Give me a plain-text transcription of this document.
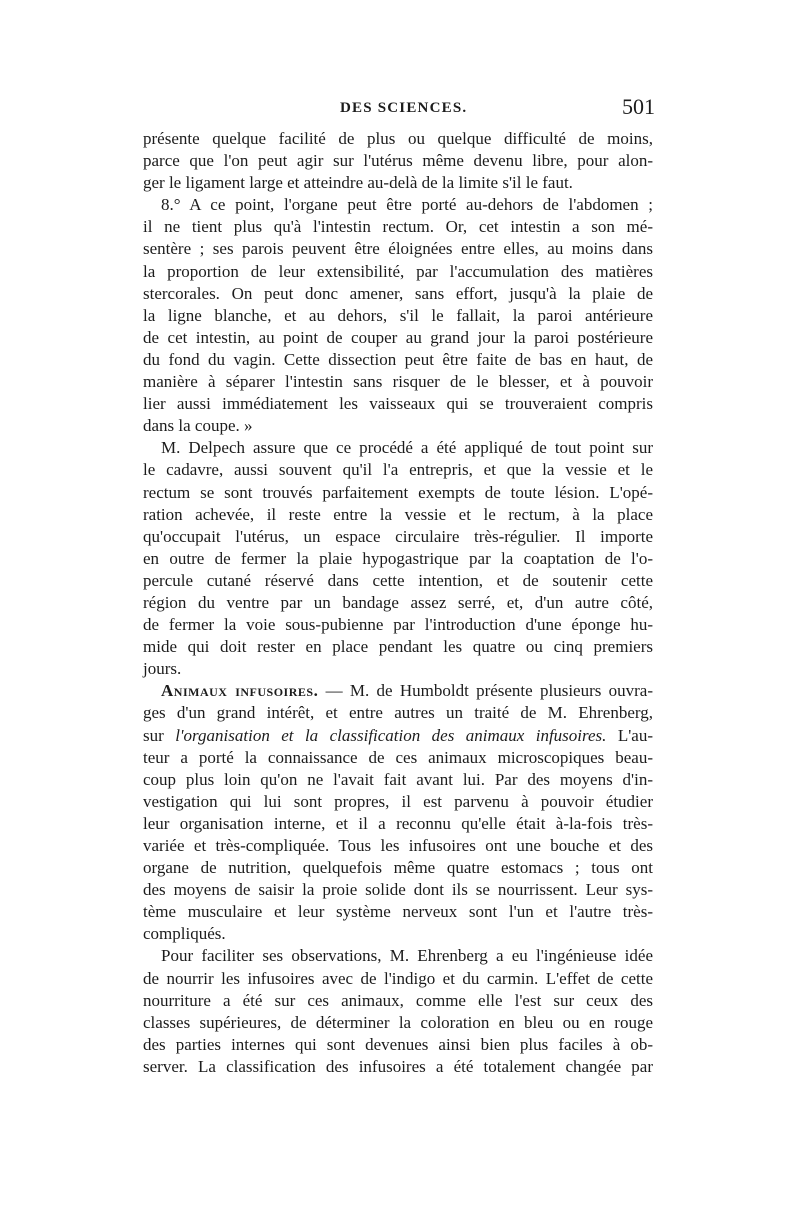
DES SCIENCES.	501
présente quelque facilité de plus ou quelque difficulté de moins,
parce que l'on peut agir sur l'utérus même devenu libre, pour alon-
ger le ligament large et atteindre au-delà de la limite s'il le faut.
8.° A ce point, l'organe peut être porté au-dehors de l'abdomen ;
il ne tient plus qu'à l'intestin rectum. Or, cet intestin a son mé-
sentère ; ses parois peuvent être éloignées entre elles, au moins dans
la proportion de leur extensibilité, par l'accumulation des matières
stercorales. On peut donc amener, sans effort, jusqu'à la plaie de
la ligne blanche, et au dehors, s'il le fallait, la paroi antérieure
de cet intestin, au point de couper au grand jour la paroi postérieure
du fond du vagin. Cette dissection peut être faite de bas en haut, de
manière à séparer l'intestin sans risquer de le blesser, et à pouvoir
lier aussi immédiatement les vaisseaux qui se trouveraient compris
dans la coupe. »
M. Delpech assure que ce procédé a été appliqué de tout point sur
le cadavre, aussi souvent qu'il l'a entrepris, et que la vessie et le
rectum se sont trouvés parfaitement exempts de toute lésion. L'opé-
ration achevée, il reste entre la vessie et le rectum, à la place
qu'occupait l'utérus, un espace circulaire très-régulier. Il importe
en outre de fermer la plaie hypogastrique par la coaptation de l'o-
percule cutané réservé dans cette intention, et de soutenir cette
région du ventre par un bandage assez serré, et, d'un autre côté,
de fermer la voie sous-pubienne par l'introduction d'une éponge hu-
mide qui doit rester en place pendant les quatre ou cinq premiers
jours.
Animaux infusoires. — M. de Humboldt présente plusieurs ouvra-
ges d'un grand intérêt, et entre autres un traité de M. Ehrenberg,
sur l'organisation et la classification des animaux infusoires. L'au-
teur a porté la connaissance de ces animaux microscopiques beau-
coup plus loin qu'on ne l'avait fait avant lui. Par des moyens d'in-
vestigation qui lui sont propres, il est parvenu à pouvoir étudier
leur organisation interne, et il a reconnu qu'elle était à-la-fois très-
variée et très-compliquée. Tous les infusoires ont une bouche et des
organe de nutrition, quelquefois même quatre estomacs ; tous ont
des moyens de saisir la proie solide dont ils se nourrissent. Leur sys-
tème musculaire et leur système nerveux sont l'un et l'autre très-
compliqués.
Pour faciliter ses observations, M. Ehrenberg a eu l'ingénieuse idée
de nourrir les infusoires avec de l'indigo et du carmin. L'effet de cette
nourriture a été sur ces animaux, comme elle l'est sur ceux des
classes supérieures, de déterminer la coloration en bleu ou en rouge
des parties internes qui sont devenues ainsi bien plus faciles à ob-
server. La classification des infusoires a été totalement changée par
